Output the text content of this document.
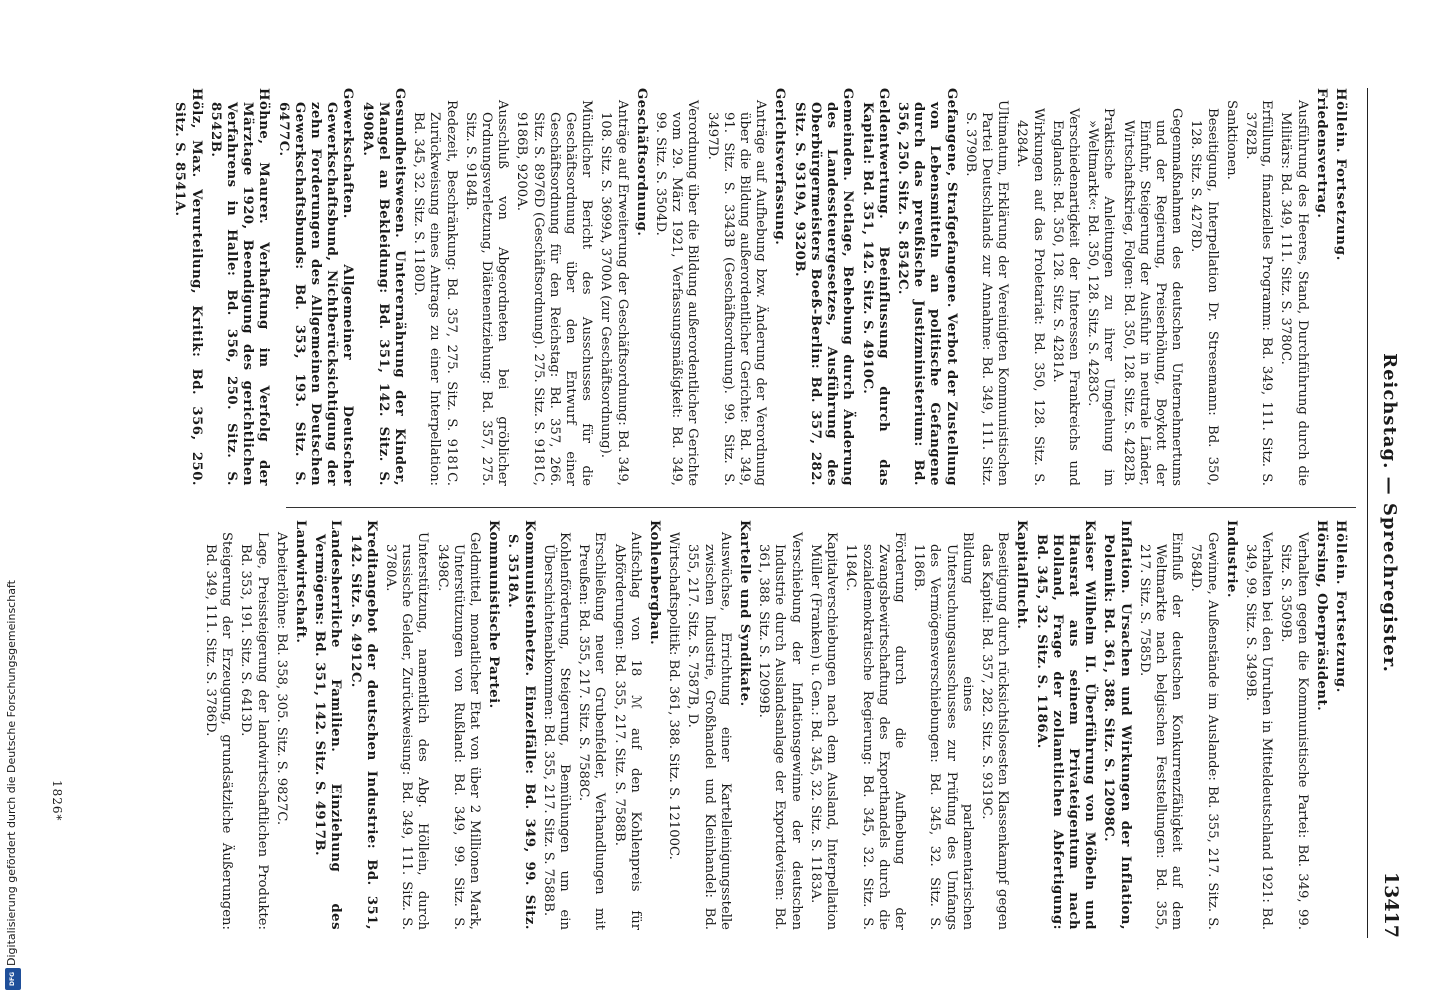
Reichstag. — Sprechregister.
13417

Höllein. Fortsetzung.

Friedensvertrag.

Ausführung des Heeres, Stand, Durchführung durch die Militärs: Bd. 349, 111. Sitz. S. 3780C.

Erfüllung, finanzielles Programm: Bd. 349, 111. Sitz. S. 3782B.

Sanktionen.

Beseitigung, Interpellation Dr. Stresemann: Bd. 350, 128. Sitz. S. 4278D.

Gegenmaßnahmen des deutschen Unternehmertums und der Regierung, Preiserhöhung, Boykott der Einfuhr, Steigerung der Ausfuhr in neutrale Länder, Wirtschaftskrieg, Folgen: Bd. 350, 128. Sitz. S. 4282B.

Praktische Anleitungen zu ihrer Umgehung im »Weltmarkt«: Bd. 350, 128. Sitz. S. 4283C.

Verschiedenartigkeit der Interessen Frankreichs und Englands: Bd. 350, 128. Sitz. S. 4281A.

Wirkungen auf das Proletariat: Bd. 350, 128. Sitz. S. 4284A.

Ultimatum, Erklärung der Vereinigten Kommunistischen Partei Deutschlands zur Annahme: Bd. 349, 111. Sitz. S. 3790B.

Gefangene, Strafgefangene. Verbot der Zustellung von Lebensmitteln an politische Gefangene durch das preußische Justizministerium: Bd. 356, 250. Sitz. S. 8542C.

Geldentwertung. Beeinflussung durch das Kapital: Bd. 351, 142. Sitz. S. 4910C.

Gemeinden. Notlage, Behebung durch Änderung des Landessteuergesetzes, Ausführung des Oberbürgermeisters Boeß-Berlin: Bd. 357, 282. Sitz. S. 9319A, 9320B.

Gerichtsverfassung.

Anträge auf Aufhebung bzw. Änderung der Verordnung über die Bildung außerordentlicher Gerichte: Bd. 349, 91. Sitz. S. 3343B (Geschäftsordnung). 99. Sitz. S. 3497D.

Verordnung über die Bildung außerordentlicher Gerichte vom 29. März 1921, Verfassungsmäßigkeit: Bd. 349, 99. Sitz. S. 3504D.

Geschäftsordnung.

Anträge auf Erweiterung der Geschäftsordnung: Bd. 349, 108. Sitz. S. 3699A, 3700A (zur Geschäftsordnung).

Mündlicher Bericht des Ausschusses für die Geschäftsordnung über den Entwurf einer Geschäftsordnung für den Reichstag: Bd. 357, 266. Sitz. S. 8976D (Geschäftsordnung). 275. Sitz. S. 9181C, 9186B, 9200A.

Ausschluß von Abgeordneten bei gröblicher Ordnungsverletzung, Diätenentziehung: Bd. 357, 275. Sitz. S. 9184B.

Redezeit, Beschränkung: Bd. 357, 275. Sitz. S. 9181C. Zurückweisung eines Antrags zu einer Interpellation: Bd. 345, 32. Sitz. S. 1180D.

Gesundheitswesen. Unterernährung der Kinder, Mangel an Bekleidung: Bd. 351, 142. Sitz. S. 4908A.

Gewerkschaften. Allgemeiner Deutscher Gewerkschaftsbund, Nichtberücksichtigung der zehn Forderungen des Allgemeinen Deutschen Gewerkschaftsbunds: Bd. 353, 193. Sitz. S. 6477C.

Höhne, Maurer. Verhaftung im Verfolg der Märztage 1920, Beendigung des gerichtlichen Verfahrens in Halle: Bd. 356, 250. Sitz. S. 8542B.

Hölz, Max. Verurteilung, Kritik: Bd. 356, 250. Sitz. S. 8541A.

Höllein. Fortsetzung.

Hörsing, Oberpräsident.

Verhalten gegen die Kommunistische Partei: Bd. 349, 99. Sitz. S. 3509B.

Verhalten bei den Unruhen in Mitteldeutschland 1921: Bd. 349, 99. Sitz. S. 3499B.

Industrie.

Gewinne, Außenstände im Auslande: Bd. 355, 217. Sitz. S. 7584D.

Einfluß der deutschen Konkurrenzfähigkeit auf dem Weltmarkte nach belgischen Feststellungen: Bd. 355, 217. Sitz. S. 7585D.

Inflation. Ursachen und Wirkungen der Inflation, Polemik: Bd. 361, 388. Sitz. S. 12098C.

Kaiser Wilhelm II. Überführung von Möbeln und Hausrat aus seinem Privateigentum nach Holland, Frage der zollamtlichen Abfertigung: Bd. 345, 32. Sitz. S. 1186A.

Kapitalflucht.

Beseitigung durch rücksichtslosesten Klassenkampf gegen das Kapital: Bd. 357, 282. Sitz. S. 9319C.

Bildung eines parlamentarischen Untersuchungsausschusses zur Prüfung des Umfangs des Vermögensverschiebungen: Bd. 345, 32. Sitz. S. 1186B.

Förderung durch die Aufhebung der Zwangsbewirtschaftung des Exporthandels durch die sozialdemokratische Regierung: Bd. 345, 32. Sitz. S. 1184C.

Kapitalverschiebungen nach dem Ausland, Interpellation Müller (Franken) u. Gen.: Bd. 345, 32. Sitz. S. 1183A.

Verschiebung der Inflationsgewinne der deutschen Industrie durch Auslandsanlage der Exportdevisen: Bd. 361, 388. Sitz. S. 12099B.

Kartelle und Syndikate.

Auswüchse, Errichtung einer Kartelleinigungsstelle zwischen Industrie, Großhandel und Kleinhandel: Bd. 355, 217. Sitz. S. 7587B, D.

Wirtschaftspolitik: Bd. 361, 388. Sitz. S. 12100C.

Kohlenbergbau.

Aufschlag von 18 ℳ auf den Kohlenpreis für Abförderungen: Bd. 355, 217. Sitz. S. 7588B.

Erschließung neuer Grubenfelder, Verhandlungen mit Preußen: Bd. 355, 217. Sitz. S. 7588C.

Kohlenförderung, Steigerung, Bemühungen um ein Überschichtenabkommen: Bd. 355, 217. Sitz. S. 7588B.

Kommunistenhetze. Einzelfälle: Bd. 349, 99. Sitz. S. 3518A.

Kommunistische Partei.

Geldmittel, monatlicher Etat von über 2 Millionen Mark, Unterstützungen von Rußland: Bd. 349, 99. Sitz. S. 3498C.

Unterstützung, namentlich des Abg. Höllein, durch russische Gelder, Zurückweisung: Bd. 349, 111. Sitz. S. 3780A.

Kreditangebot der deutschen Industrie: Bd. 351, 142. Sitz. S. 4912C.

Landesherrliche Familien. Einziehung des Vermögens: Bd. 351, 142. Sitz. S. 4917B.

Landwirtschaft.

Arbeiterlöhne: Bd. 358, 305. Sitz. S. 9827C.

Lage, Preissteigerung der landwirtschaftlichen Produkte: Bd. 353, 191. Sitz. S. 6413D.

Steigerung der Erzeugung, grundsätzliche Äußerungen: Bd. 349, 111. Sitz. S. 3786D.

1826*
Digitalisierung gefördert durch die Deutsche Forschungsgemeinschaft
DFG
